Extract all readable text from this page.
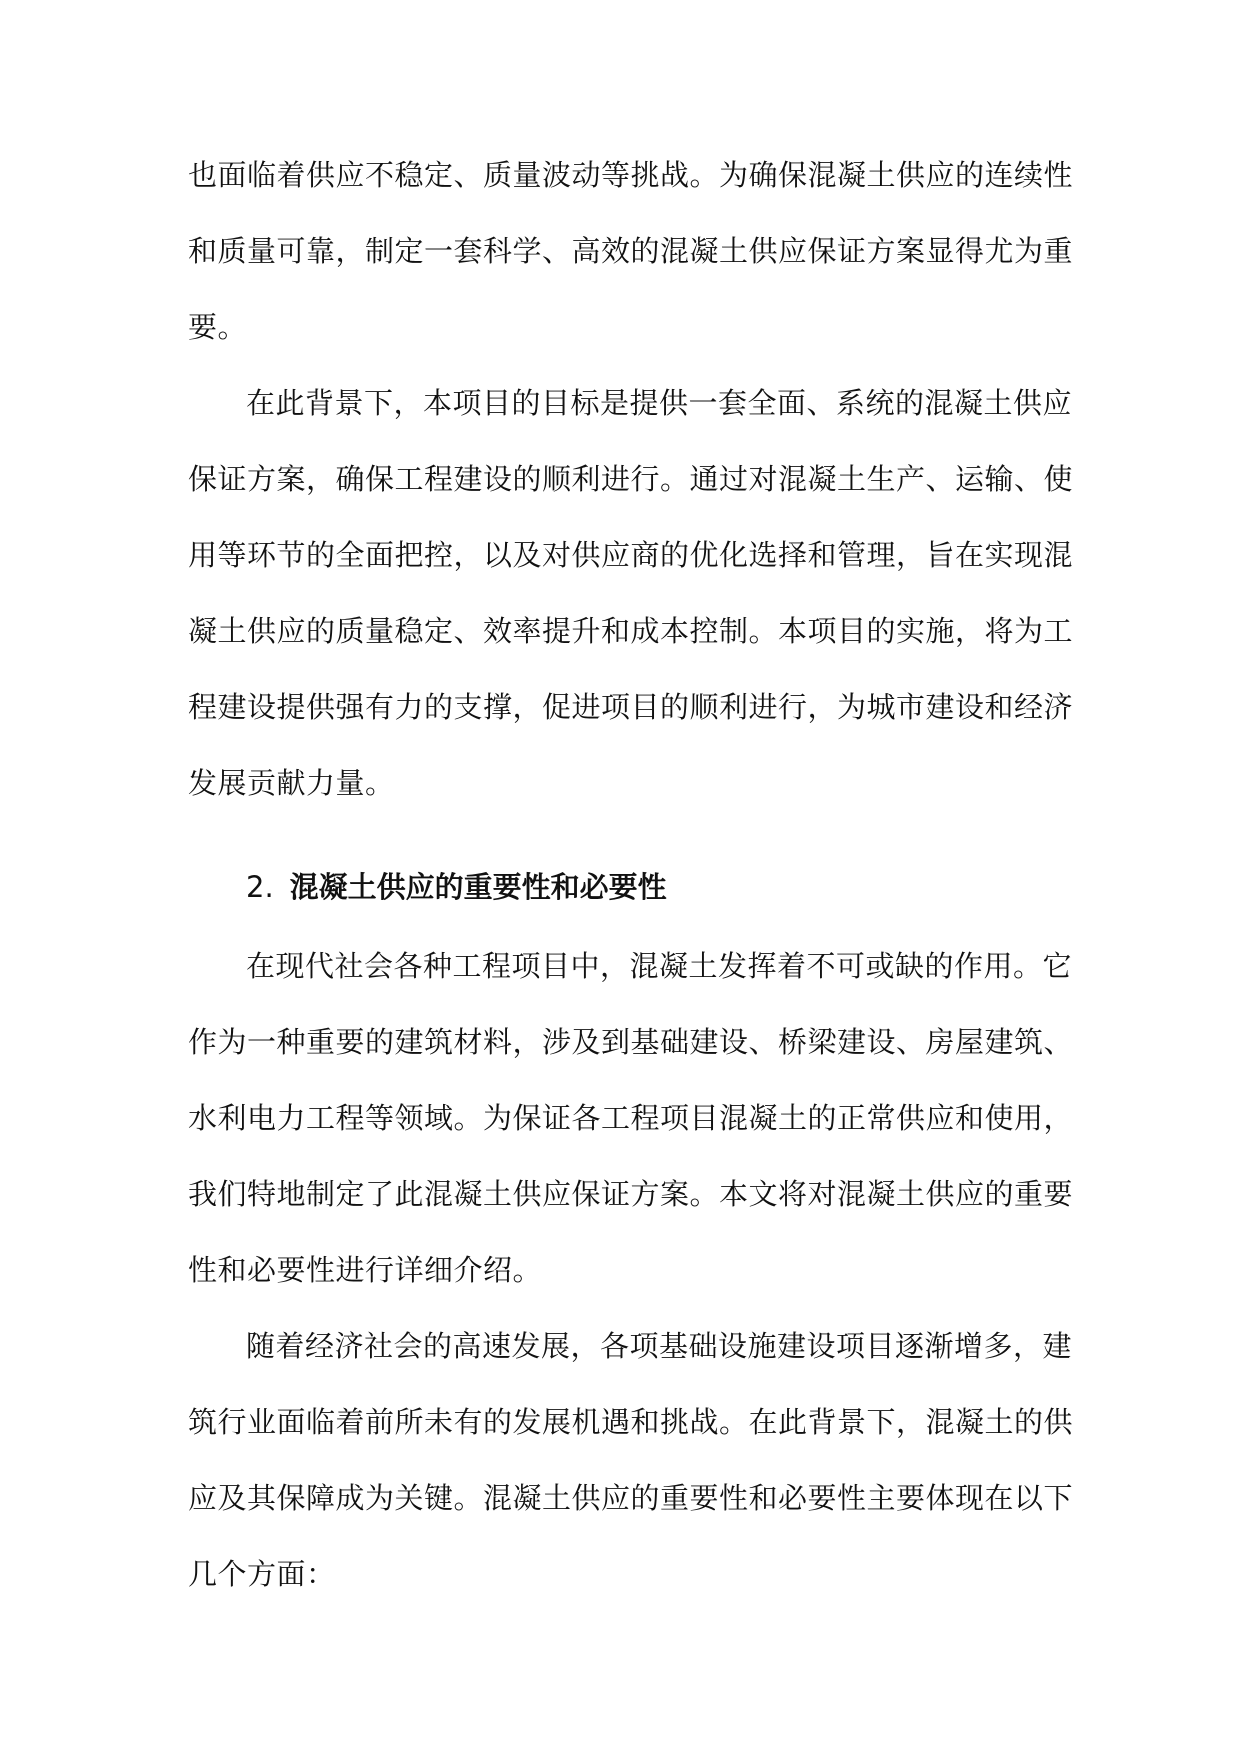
也面临着供应不稳定、质量波动等挑战。为确保混凝土供应的连续性
和质量可靠，制定一套科学、高效的混凝土供应保证方案显得尤为重
要。
在此背景下，本项目的目标是提供一套全面、系统的混凝土供应
保证方案，确保工程建设的顺利进行。通过对混凝土生产、运输、使
用等环节的全面把控，以及对供应商的优化选择和管理，旨在实现混
凝土供应的质量稳定、效率提升和成本控制。本项目的实施，将为工
程建设提供强有力的支撑，促进项目的顺利进行，为城市建设和经济
发展贡献力量。
2. 混凝土供应的重要性和必要性
在现代社会各种工程项目中，混凝土发挥着不可或缺的作用。它
作为一种重要的建筑材料，涉及到基础建设、桥梁建设、房屋建筑、
水利电力工程等领域。为保证各工程项目混凝土的正常供应和使用，
我们特地制定了此混凝土供应保证方案。本文将对混凝土供应的重要
性和必要性进行详细介绍。
随着经济社会的高速发展，各项基础设施建设项目逐渐增多，建
筑行业面临着前所未有的发展机遇和挑战。在此背景下，混凝土的供
应及其保障成为关键。混凝土供应的重要性和必要性主要体现在以下
几个方面：
